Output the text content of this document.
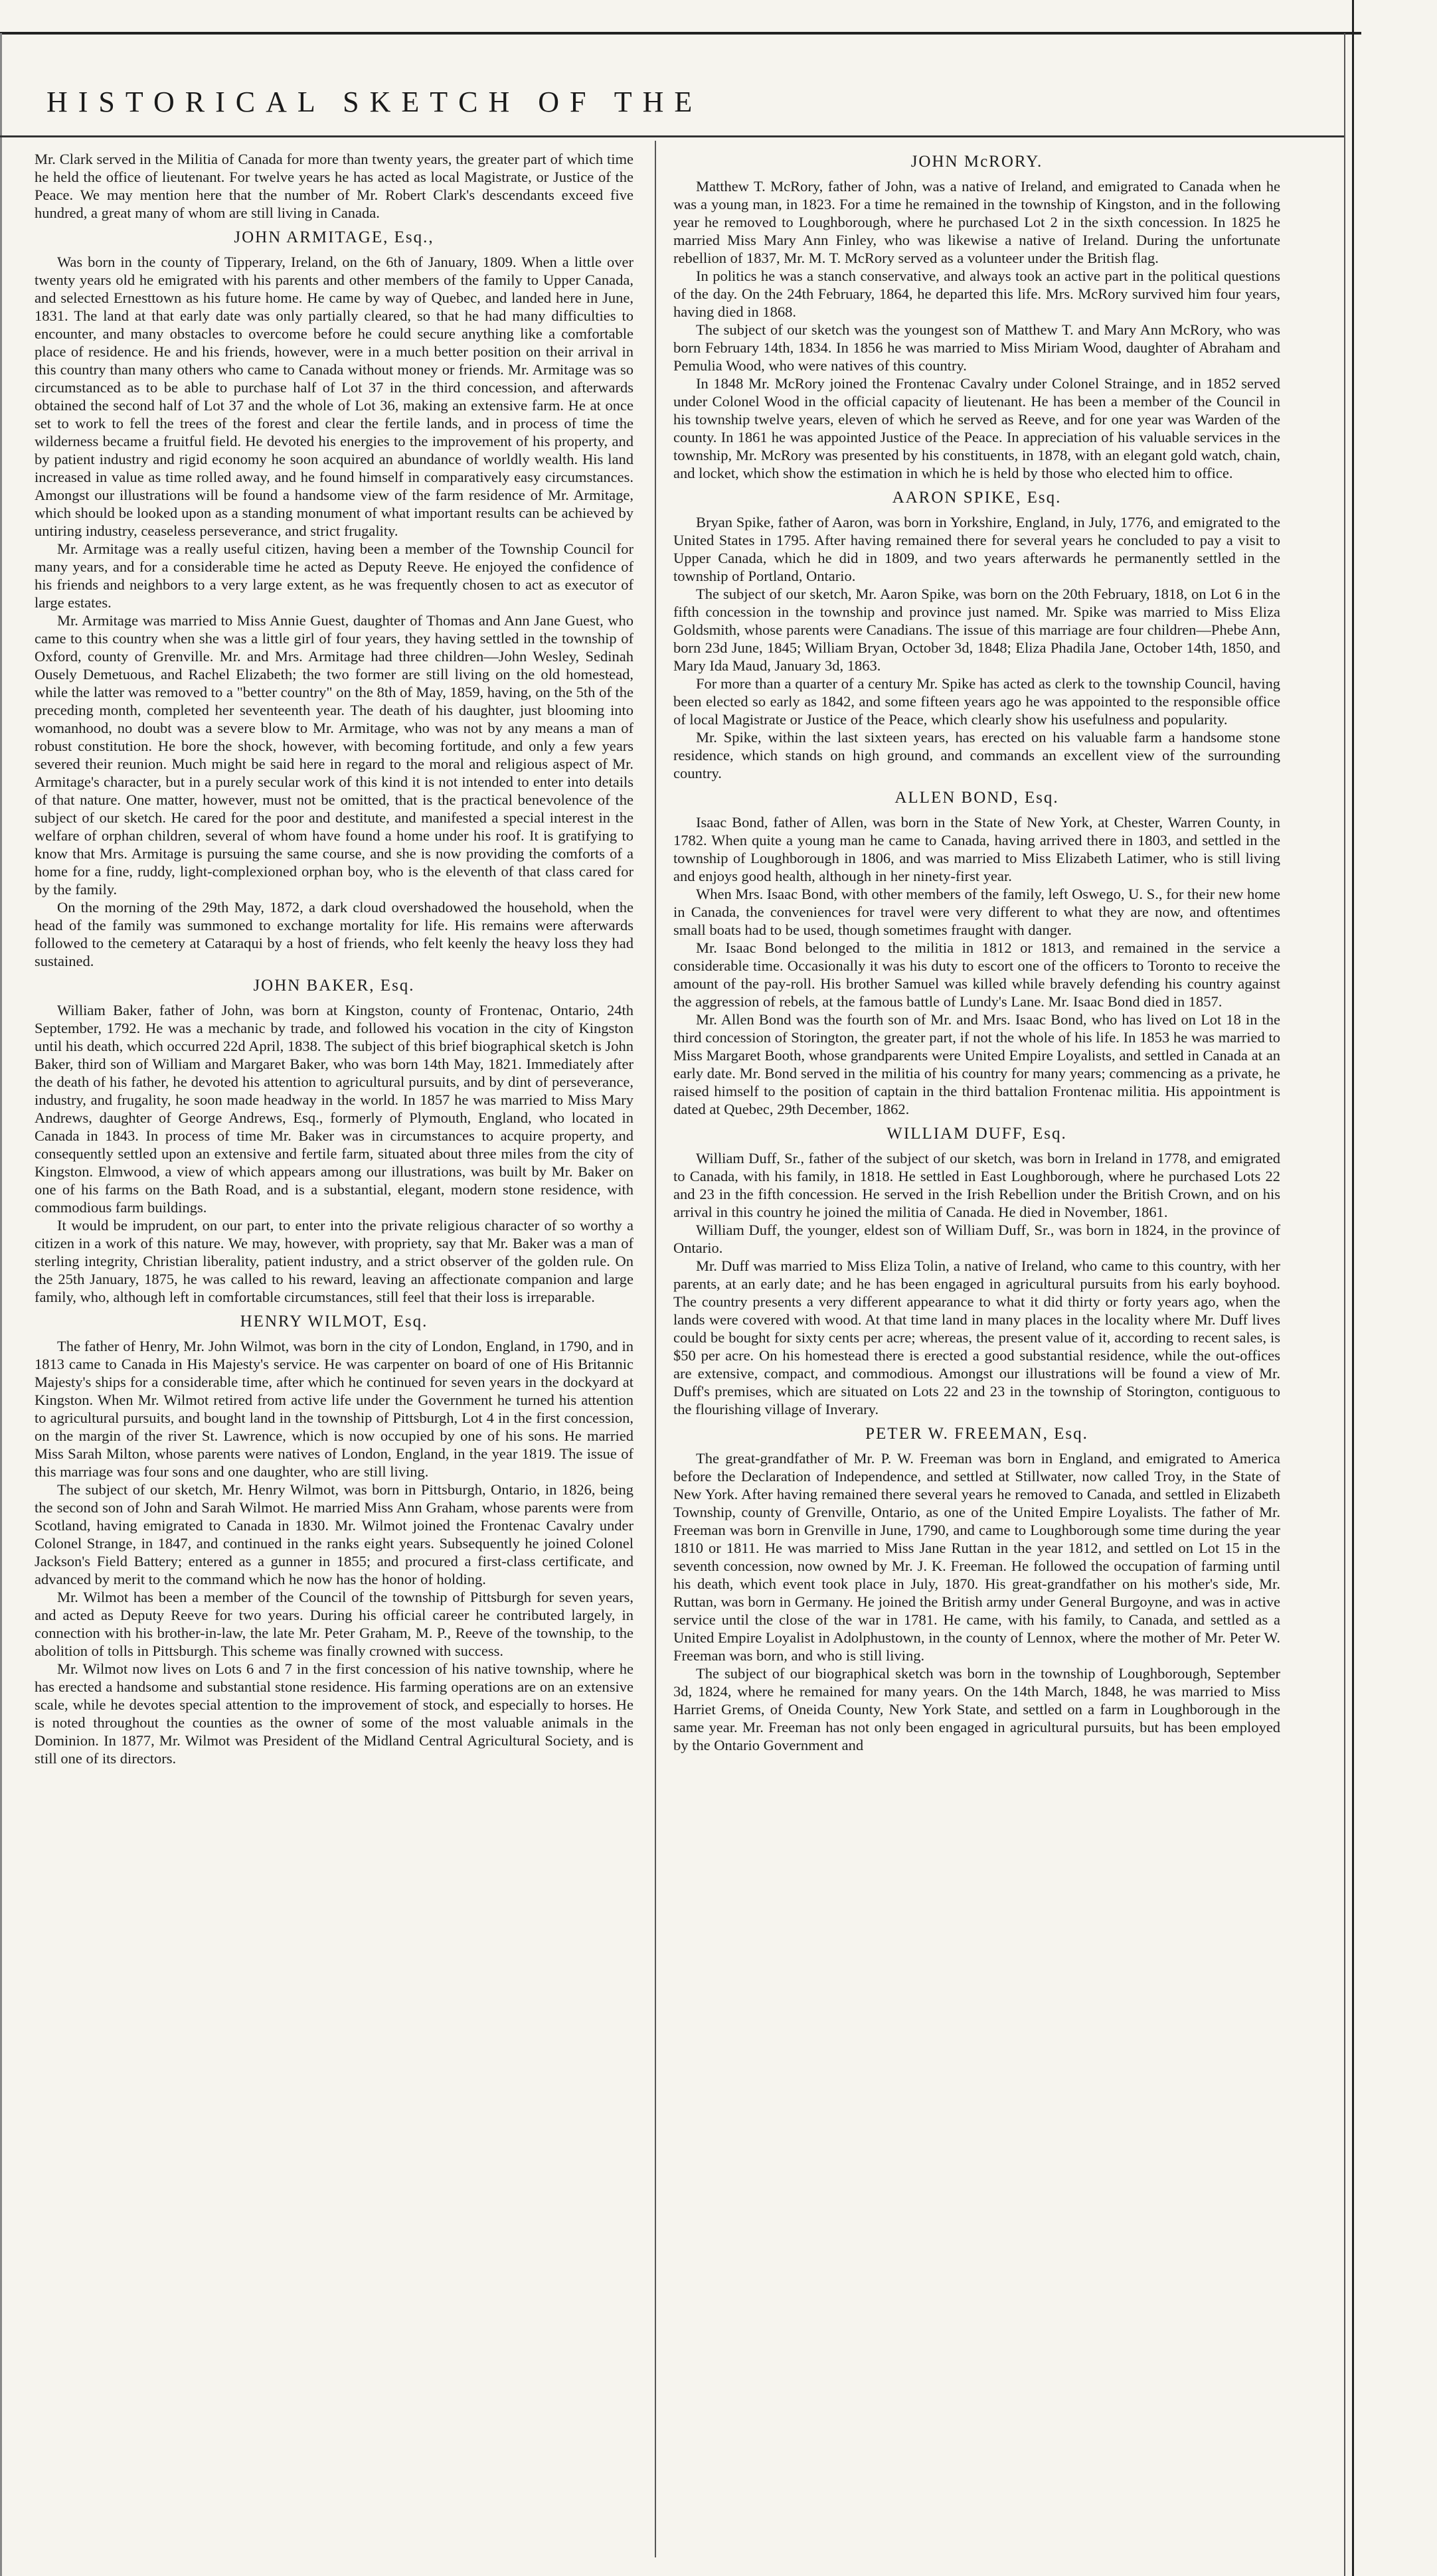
HISTORICAL SKETCH OF THE

Mr. Clark served in the Militia of Canada for more than twenty years, the greater part of which time he held the office of lieutenant. For twelve years he has acted as local Magistrate, or Justice of the Peace. We may mention here that the number of Mr. Robert Clark's descendants exceed five hundred, a great many of whom are still living in Canada.

JOHN ARMITAGE, Esq.,

Was born in the county of Tipperary, Ireland, on the 6th of January, 1809. When a little over twenty years old he emigrated with his parents and other members of the family to Upper Canada, and selected Ernesttown as his future home. He came by way of Quebec, and landed here in June, 1831. The land at that early date was only partially cleared, so that he had many difficulties to encounter, and many obstacles to overcome before he could secure anything like a comfortable place of residence. He and his friends, however, were in a much better position on their arrival in this country than many others who came to Canada without money or friends. Mr. Armitage was so circumstanced as to be able to purchase half of Lot 37 in the third concession, and afterwards obtained the second half of Lot 37 and the whole of Lot 36, making an extensive farm. He at once set to work to fell the trees of the forest and clear the fertile lands, and in process of time the wilderness became a fruitful field. He devoted his energies to the improvement of his property, and by patient industry and rigid economy he soon acquired an abundance of worldly wealth. His land increased in value as time rolled away, and he found himself in comparatively easy circumstances. Amongst our illustrations will be found a handsome view of the farm residence of Mr. Armitage, which should be looked upon as a standing monument of what important results can be achieved by untiring industry, ceaseless perseverance, and strict frugality.

Mr. Armitage was a really useful citizen, having been a member of the Township Council for many years, and for a considerable time he acted as Deputy Reeve. He enjoyed the confidence of his friends and neighbors to a very large extent, as he was frequently chosen to act as executor of large estates.

Mr. Armitage was married to Miss Annie Guest, daughter of Thomas and Ann Jane Guest, who came to this country when she was a little girl of four years, they having settled in the township of Oxford, county of Grenville. Mr. and Mrs. Armitage had three children—John Wesley, Sedinah Ousely Demetuous, and Rachel Elizabeth; the two former are still living on the old homestead, while the latter was removed to a "better country" on the 8th of May, 1859, having, on the 5th of the preceding month, completed her seventeenth year. The death of his daughter, just blooming into womanhood, no doubt was a severe blow to Mr. Armitage, who was not by any means a man of robust constitution. He bore the shock, however, with becoming fortitude, and only a few years severed their reunion. Much might be said here in regard to the moral and religious aspect of Mr. Armitage's character, but in a purely secular work of this kind it is not intended to enter into details of that nature. One matter, however, must not be omitted, that is the practical benevolence of the subject of our sketch. He cared for the poor and destitute, and manifested a special interest in the welfare of orphan children, several of whom have found a home under his roof. It is gratifying to know that Mrs. Armitage is pursuing the same course, and she is now providing the comforts of a home for a fine, ruddy, light-complexioned orphan boy, who is the eleventh of that class cared for by the family.

On the morning of the 29th May, 1872, a dark cloud overshadowed the household, when the head of the family was summoned to exchange mortality for life. His remains were afterwards followed to the cemetery at Cataraqui by a host of friends, who felt keenly the heavy loss they had sustained.

JOHN BAKER, Esq.

William Baker, father of John, was born at Kingston, county of Frontenac, Ontario, 24th September, 1792. He was a mechanic by trade, and followed his vocation in the city of Kingston until his death, which occurred 22d April, 1838. The subject of this brief biographical sketch is John Baker, third son of William and Margaret Baker, who was born 14th May, 1821. Immediately after the death of his father, he devoted his attention to agricultural pursuits, and by dint of perseverance, industry, and frugality, he soon made headway in the world. In 1857 he was married to Miss Mary Andrews, daughter of George Andrews, Esq., formerly of Plymouth, England, who located in Canada in 1843. In process of time Mr. Baker was in circumstances to acquire property, and consequently settled upon an extensive and fertile farm, situated about three miles from the city of Kingston. Elmwood, a view of which appears among our illustrations, was built by Mr. Baker on one of his farms on the Bath Road, and is a substantial, elegant, modern stone residence, with commodious farm buildings.

It would be imprudent, on our part, to enter into the private religious character of so worthy a citizen in a work of this nature. We may, however, with propriety, say that Mr. Baker was a man of sterling integrity, Christian liberality, patient industry, and a strict observer of the golden rule. On the 25th January, 1875, he was called to his reward, leaving an affectionate companion and large family, who, although left in comfortable circumstances, still feel that their loss is irreparable.

HENRY WILMOT, Esq.

The father of Henry, Mr. John Wilmot, was born in the city of London, England, in 1790, and in 1813 came to Canada in His Majesty's service. He was carpenter on board of one of His Britannic Majesty's ships for a considerable time, after which he continued for seven years in the dockyard at Kingston. When Mr. Wilmot retired from active life under the Government he turned his attention to agricultural pursuits, and bought land in the township of Pittsburgh, Lot 4 in the first concession, on the margin of the river St. Lawrence, which is now occupied by one of his sons. He married Miss Sarah Milton, whose parents were natives of London, England, in the year 1819. The issue of this marriage was four sons and one daughter, who are still living.

The subject of our sketch, Mr. Henry Wilmot, was born in Pittsburgh, Ontario, in 1826, being the second son of John and Sarah Wilmot. He married Miss Ann Graham, whose parents were from Scotland, having emigrated to Canada in 1830. Mr. Wilmot joined the Frontenac Cavalry under Colonel Strange, in 1847, and continued in the ranks eight years. Subsequently he joined Colonel Jackson's Field Battery; entered as a gunner in 1855; and procured a first-class certificate, and advanced by merit to the command which he now has the honor of holding.

Mr. Wilmot has been a member of the Council of the township of Pittsburgh for seven years, and acted as Deputy Reeve for two years. During his official career he contributed largely, in connection with his brother-in-law, the late Mr. Peter Graham, M. P., Reeve of the township, to the abolition of tolls in Pittsburgh. This scheme was finally crowned with success.

Mr. Wilmot now lives on Lots 6 and 7 in the first concession of his native township, where he has erected a handsome and substantial stone residence. His farming operations are on an extensive scale, while he devotes special attention to the improvement of stock, and especially to horses. He is noted throughout the counties as the owner of some of the most valuable animals in the Dominion. In 1877, Mr. Wilmot was President of the Midland Central Agricultural Society, and is still one of its directors.

JOHN McRORY.

Matthew T. McRory, father of John, was a native of Ireland, and emigrated to Canada when he was a young man, in 1823. For a time he remained in the township of Kingston, and in the following year he removed to Loughborough, where he purchased Lot 2 in the sixth concession. In 1825 he married Miss Mary Ann Finley, who was likewise a native of Ireland. During the unfortunate rebellion of 1837, Mr. M. T. McRory served as a volunteer under the British flag.

In politics he was a stanch conservative, and always took an active part in the political questions of the day. On the 24th February, 1864, he departed this life. Mrs. McRory survived him four years, having died in 1868.

The subject of our sketch was the youngest son of Matthew T. and Mary Ann McRory, who was born February 14th, 1834. In 1856 he was married to Miss Miriam Wood, daughter of Abraham and Pemulia Wood, who were natives of this country.

In 1848 Mr. McRory joined the Frontenac Cavalry under Colonel Strainge, and in 1852 served under Colonel Wood in the official capacity of lieutenant. He has been a member of the Council in his township twelve years, eleven of which he served as Reeve, and for one year was Warden of the county. In 1861 he was appointed Justice of the Peace. In appreciation of his valuable services in the township, Mr. McRory was presented by his constituents, in 1878, with an elegant gold watch, chain, and locket, which show the estimation in which he is held by those who elected him to office.

AARON SPIKE, Esq.

Bryan Spike, father of Aaron, was born in Yorkshire, England, in July, 1776, and emigrated to the United States in 1795. After having remained there for several years he concluded to pay a visit to Upper Canada, which he did in 1809, and two years afterwards he permanently settled in the township of Portland, Ontario.

The subject of our sketch, Mr. Aaron Spike, was born on the 20th February, 1818, on Lot 6 in the fifth concession in the township and province just named. Mr. Spike was married to Miss Eliza Goldsmith, whose parents were Canadians. The issue of this marriage are four children—Phebe Ann, born 23d June, 1845; William Bryan, October 3d, 1848; Eliza Phadila Jane, October 14th, 1850, and Mary Ida Maud, January 3d, 1863.

For more than a quarter of a century Mr. Spike has acted as clerk to the township Council, having been elected so early as 1842, and some fifteen years ago he was appointed to the responsible office of local Magistrate or Justice of the Peace, which clearly show his usefulness and popularity.

Mr. Spike, within the last sixteen years, has erected on his valuable farm a handsome stone residence, which stands on high ground, and commands an excellent view of the surrounding country.

ALLEN BOND, Esq.

Isaac Bond, father of Allen, was born in the State of New York, at Chester, Warren County, in 1782. When quite a young man he came to Canada, having arrived there in 1803, and settled in the township of Loughborough in 1806, and was married to Miss Elizabeth Latimer, who is still living and enjoys good health, although in her ninety-first year.

When Mrs. Isaac Bond, with other members of the family, left Oswego, U. S., for their new home in Canada, the conveniences for travel were very different to what they are now, and oftentimes small boats had to be used, though sometimes fraught with danger.

Mr. Isaac Bond belonged to the militia in 1812 or 1813, and remained in the service a considerable time. Occasionally it was his duty to escort one of the officers to Toronto to receive the amount of the pay-roll. His brother Samuel was killed while bravely defending his country against the aggression of rebels, at the famous battle of Lundy's Lane. Mr. Isaac Bond died in 1857.

Mr. Allen Bond was the fourth son of Mr. and Mrs. Isaac Bond, who has lived on Lot 18 in the third concession of Storington, the greater part, if not the whole of his life. In 1853 he was married to Miss Margaret Booth, whose grandparents were United Empire Loyalists, and settled in Canada at an early date. Mr. Bond served in the militia of his country for many years; commencing as a private, he raised himself to the position of captain in the third battalion Frontenac militia. His appointment is dated at Quebec, 29th December, 1862.

WILLIAM DUFF, Esq.

William Duff, Sr., father of the subject of our sketch, was born in Ireland in 1778, and emigrated to Canada, with his family, in 1818. He settled in East Loughborough, where he purchased Lots 22 and 23 in the fifth concession. He served in the Irish Rebellion under the British Crown, and on his arrival in this country he joined the militia of Canada. He died in November, 1861.

William Duff, the younger, eldest son of William Duff, Sr., was born in 1824, in the province of Ontario.

Mr. Duff was married to Miss Eliza Tolin, a native of Ireland, who came to this country, with her parents, at an early date; and he has been engaged in agricultural pursuits from his early boyhood. The country presents a very different appearance to what it did thirty or forty years ago, when the lands were covered with wood. At that time land in many places in the locality where Mr. Duff lives could be bought for sixty cents per acre; whereas, the present value of it, according to recent sales, is $50 per acre. On his homestead there is erected a good substantial residence, while the out-offices are extensive, compact, and commodious. Amongst our illustrations will be found a view of Mr. Duff's premises, which are situated on Lots 22 and 23 in the township of Storington, contiguous to the flourishing village of Inverary.

PETER W. FREEMAN, Esq.

The great-grandfather of Mr. P. W. Freeman was born in England, and emigrated to America before the Declaration of Independence, and settled at Stillwater, now called Troy, in the State of New York. After having remained there several years he removed to Canada, and settled in Elizabeth Township, county of Grenville, Ontario, as one of the United Empire Loyalists. The father of Mr. Freeman was born in Grenville in June, 1790, and came to Loughborough some time during the year 1810 or 1811. He was married to Miss Jane Ruttan in the year 1812, and settled on Lot 15 in the seventh concession, now owned by Mr. J. K. Freeman. He followed the occupation of farming until his death, which event took place in July, 1870. His great-grandfather on his mother's side, Mr. Ruttan, was born in Germany. He joined the British army under General Burgoyne, and was in active service until the close of the war in 1781. He came, with his family, to Canada, and settled as a United Empire Loyalist in Adolphustown, in the county of Lennox, where the mother of Mr. Peter W. Freeman was born, and who is still living.

The subject of our biographical sketch was born in the township of Loughborough, September 3d, 1824, where he remained for many years. On the 14th March, 1848, he was married to Miss Harriet Grems, of Oneida County, New York State, and settled on a farm in Loughborough in the same year. Mr. Freeman has not only been engaged in agricultural pursuits, but has been employed by the Ontario Government and
